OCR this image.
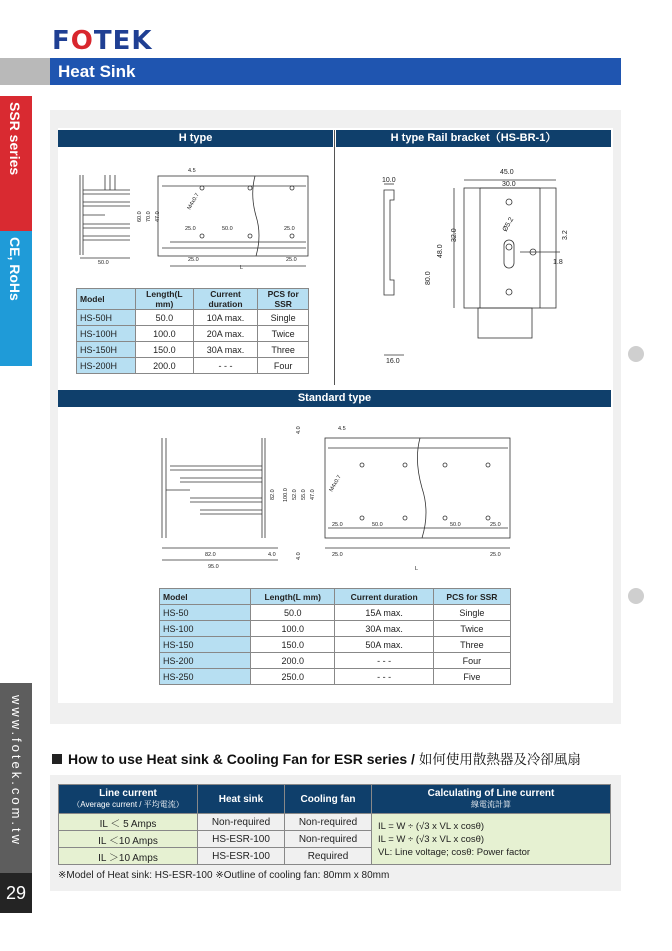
FOTEK
Heat Sink
SSR series
CE, RoHs
www.fotek.com.tw
29
H type	H type Rail bracket（HS-BR-1）
Standard type
4.5
25.0	50.0	25.0
25.0	25.0
L
50.0
60.0 70.0 47.0
M4x0.7
Model	Length(L mm)	Current duration	PCS for SSR
HS-50H	50.0	10A max.	Single
HS-100H	100.0	20A max.	Twice
HS-150H	150.0	30A max.	Three
HS-200H	200.0	- - -	Four
10.0
45.0
30.0
48.0
32.0
80.0
Ø5.2
3.2
1.8
16.0
4.0
82.0 100.0 52.0 55.0 47.0
4.0
82.0	4.0
95.0
4.5
M4x0.7
25.0	50.0	50.0	25.0
25.0	25.0
L
Model	Length(L mm)	Current duration	PCS for SSR
HS-50	50.0	15A max.	Single
HS-100	100.0	30A max.	Twice
HS-150	150.0	50A max.	Three
HS-200	200.0	- - -	Four
HS-250	250.0	- - -	Five
How to use Heat sink & Cooling Fan for ESR series / 如何使用散熱器及冷卻風扇
Line current
（Average current / 平均電流）	Heat sink	Cooling fan	Calculating of Line current
線電流計算

IL ＜ 5 Amps	Non-required	Non-required	IL = W ÷ (√3 x VL x cosθ)
IL = W ÷ (√3 x VL x cosθ)
VL: Line voltage; cosθ: Power factor

IL ＜10 Amps	HS-ESR-100	Non-required	
IL ＞10 Amps	HS-ESR-100	Required	
※Model of Heat sink: HS-ESR-100 ※Outline of cooling fan: 80mm x 80mm
